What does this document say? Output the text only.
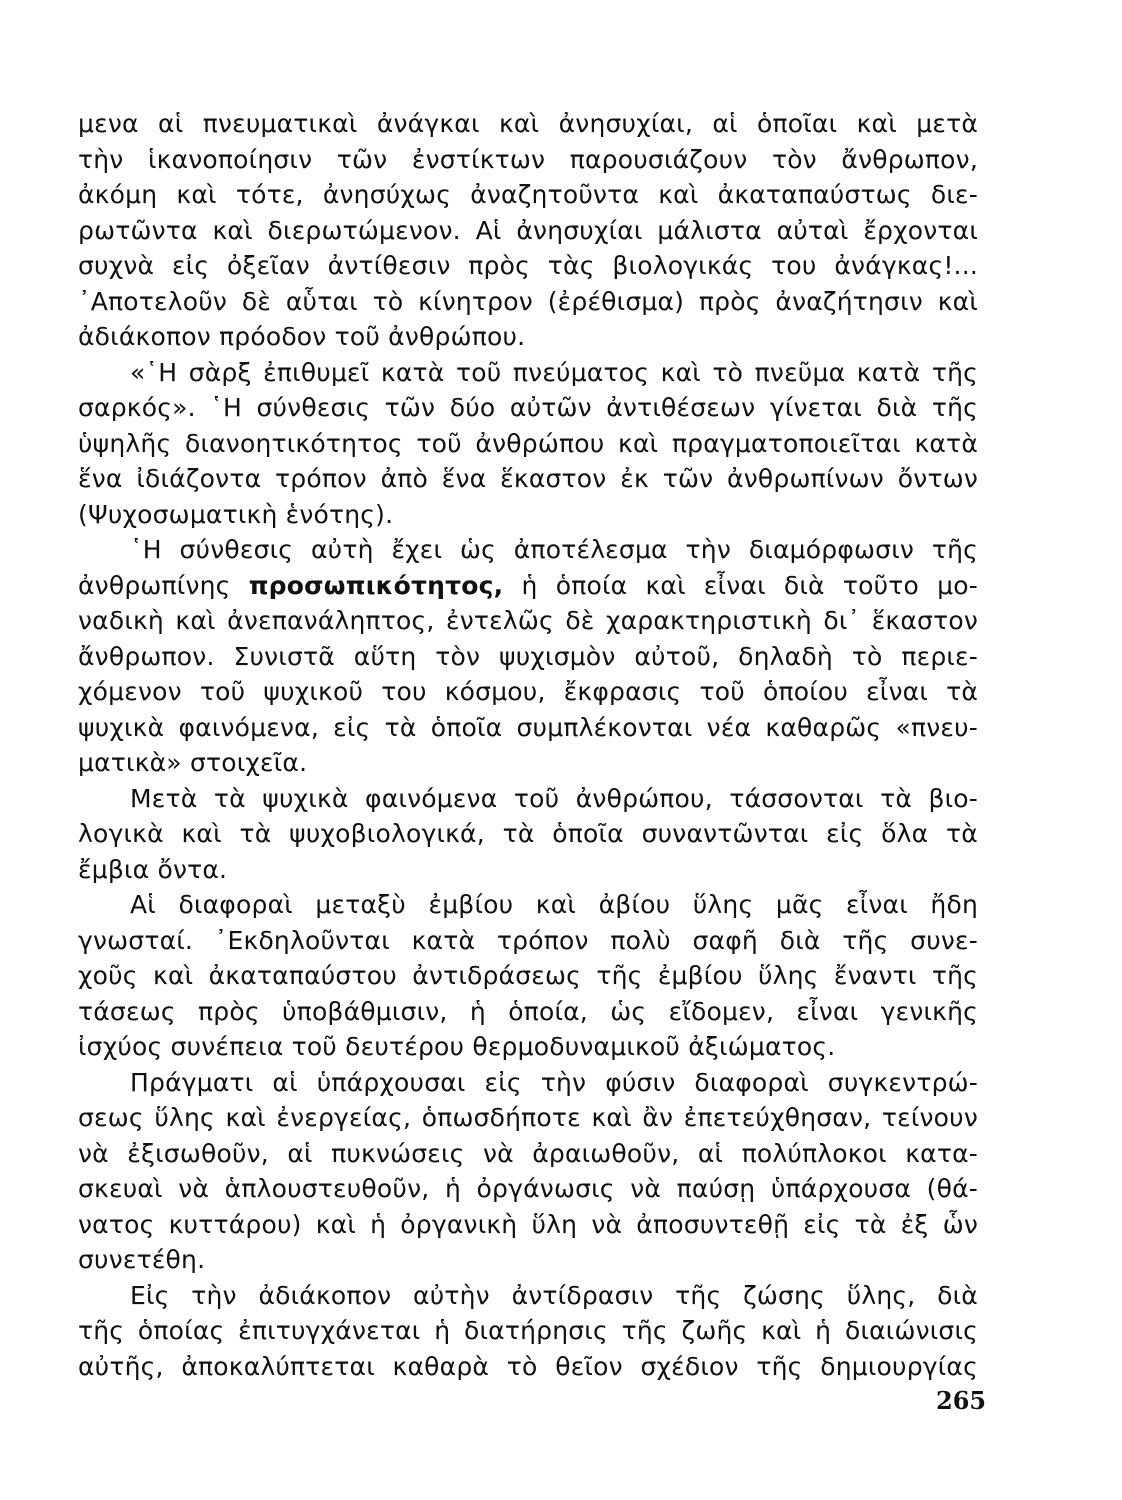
μενα αἱ πνευματικαὶ ἀνάγκαι καὶ ἀνησυχίαι, αἱ ὁποῖαι καὶ μετὰ
τὴν ἱκανοποίησιν τῶν ἐνστίκτων παρουσιάζουν τὸν ἄνθρωπον,
ἀκόμη καὶ τότε, ἀνησύχως ἀναζητοῦντα καὶ ἀκαταπαύστως διε-
ρωτῶντα καὶ διερωτώμενον. Αἱ ἀνησυχίαι μάλιστα αὐταὶ ἔρχονται
συχνὰ εἰς ὀξεῖαν ἀντίθεσιν πρὸς τὰς βιολογικάς του ἀνάγκας!...
᾿Αποτελοῦν δὲ αὗται τὸ κίνητρον (ἐρέθισμα) πρὸς ἀναζήτησιν καὶ
ἀδιάκοπον πρόοδον τοῦ ἀνθρώπου.
«῾Η σὰρξ ἐπιθυμεῖ κατὰ τοῦ πνεύματος καὶ τὸ πνεῦμα κατὰ τῆς
σαρκός». ῾Η σύνθεσις τῶν δύο αὐτῶν ἀντιθέσεων γίνεται διὰ τῆς
ὑψηλῆς διανοητικότητος τοῦ ἀνθρώπου καὶ πραγματοποιεῖται κατὰ
ἕνα ἰδιάζοντα τρόπον ἀπὸ ἕνα ἕκαστον ἐκ τῶν ἀνθρωπίνων ὄντων
(Ψυχοσωματικὴ ἑνότης).
῾Η σύνθεσις αὐτὴ ἔχει ὡς ἀποτέλεσμα τὴν διαμόρφωσιν τῆς
ἀνθρωπίνης προσωπικότητος, ἡ ὁποία καὶ εἶναι διὰ τοῦτο μο-
ναδικὴ καὶ ἀνεπανάληπτος, ἐντελῶς δὲ χαρακτηριστικὴ δι᾽ ἕκαστον
ἄνθρωπον. Συνιστᾶ αὕτη τὸν ψυχισμὸν αὐτοῦ, δηλαδὴ τὸ περιε-
χόμενον τοῦ ψυχικοῦ του κόσμου, ἔκφρασις τοῦ ὁποίου εἶναι τὰ
ψυχικὰ φαινόμενα, εἰς τὰ ὁποῖα συμπλέκονται νέα καθαρῶς «πνευ-
ματικὰ» στοιχεῖα.
Μετὰ τὰ ψυχικὰ φαινόμενα τοῦ ἀνθρώπου, τάσσονται τὰ βιο-
λογικὰ καὶ τὰ ψυχοβιολογικά, τὰ ὁποῖα συναντῶνται εἰς ὅλα τὰ
ἔμβια ὄντα.
Αἱ διαφοραὶ μεταξὺ ἐμβίου καὶ ἀβίου ὕλης μᾶς εἶναι ἤδη
γνωσταί. ᾿Εκδηλοῦνται κατὰ τρόπον πολὺ σαφῆ διὰ τῆς συνε-
χοῦς καὶ ἀκαταπαύστου ἀντιδράσεως τῆς ἐμβίου ὕλης ἔναντι τῆς
τάσεως πρὸς ὑποβάθμισιν, ἡ ὁποία, ὡς εἴδομεν, εἶναι γενικῆς
ἰσχύος συνέπεια τοῦ δευτέρου θερμοδυναμικοῦ ἀξιώματος.
Πράγματι αἱ ὑπάρχουσαι εἰς τὴν φύσιν διαφοραὶ συγκεντρώ-
σεως ὕλης καὶ ἐνεργείας, ὁπωσδήποτε καὶ ἂν ἐπετεύχθησαν, τείνουν
νὰ ἐξισωθοῦν, αἱ πυκνώσεις νὰ ἀραιωθοῦν, αἱ πολύπλοκοι κατα-
σκευαὶ νὰ ἁπλουστευθοῦν, ἡ ὀργάνωσις νὰ παύσῃ ὑπάρχουσα (θά-
νατος κυττάρου) καὶ ἡ ὀργανικὴ ὕλη νὰ ἀποσυντεθῇ εἰς τὰ ἐξ ὧν
συνετέθη.
Εἰς τὴν ἀδιάκοπον αὐτὴν ἀντίδρασιν τῆς ζώσης ὕλης, διὰ
τῆς ὁποίας ἐπιτυγχάνεται ἡ διατήρησις τῆς ζωῆς καὶ ἡ διαιώνισις
αὐτῆς, ἀποκαλύπτεται καθαρὰ τὸ θεῖον σχέδιον τῆς δημιουργίας
265
